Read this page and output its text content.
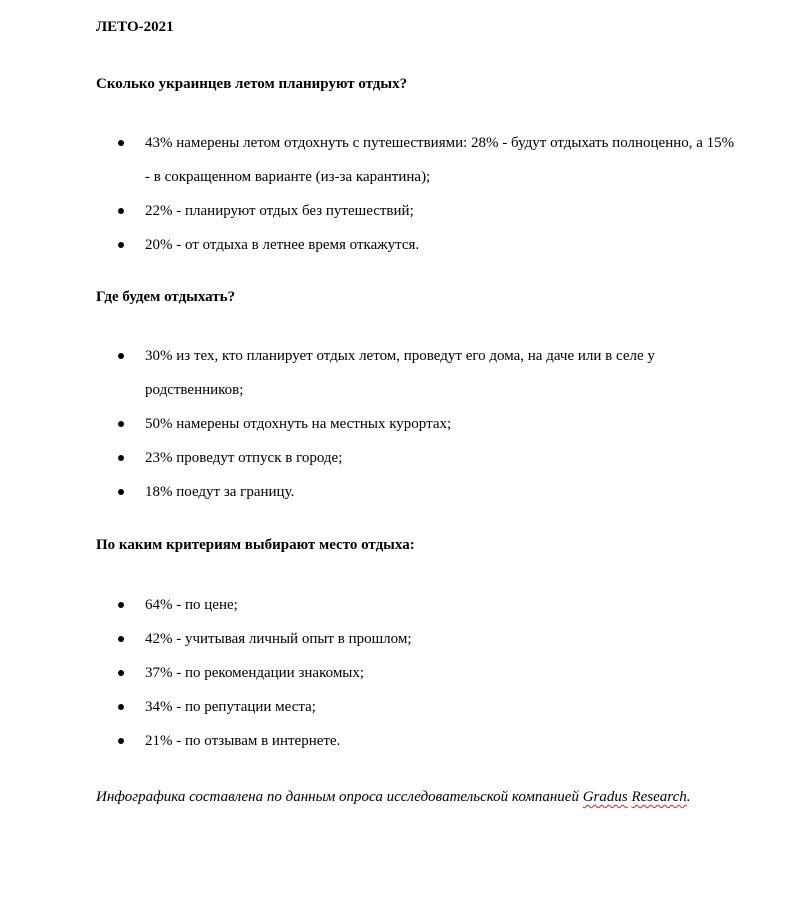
ЛЕТО-2021
Сколько украинцев летом планируют отдых?
43% намерены летом отдохнуть с путешествиями: 28% - будут отдыхать полноценно, а 15% - в сокращенном варианте (из-за карантина);
22% - планируют отдых без путешествий;
20% - от отдыха в летнее время откажутся.
Где будем отдыхать?
30% из тех, кто планирует отдых летом, проведут его дома, на даче или в селе у родственников;
50% намерены отдохнуть на местных курортах;
23% проведут отпуск в городе;
18% поедут за границу.
По каким критериям выбирают место отдыха:
64% - по цене;
42% - учитывая личный опыт в прошлом;
37% - по рекомендации знакомых;
34% - по репутации места;
21% - по отзывам в интернете.
Инфографика составлена по данным опроса исследовательской компанией Gradus Research.
